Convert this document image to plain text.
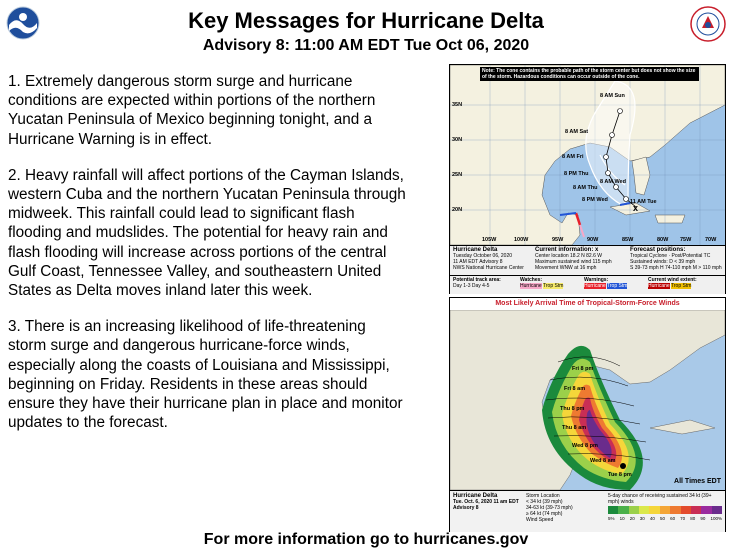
Key Messages for Hurricane Delta
Advisory 8: 11:00 AM EDT Tue Oct 06, 2020

1. Extremely dangerous storm surge and hurricane conditions are expected within portions of the northern Yucatan Peninsula of Mexico beginning tonight, and a Hurricane Warning is in effect.

2. Heavy rainfall will affect portions of the Cayman Islands, western Cuba and the northern Yucatan Peninsula through midweek. This rainfall could lead to significant flash flooding and mudslides. The potential for heavy rain and flash flooding will increase across portions of the central Gulf Coast, Tennessee Valley, and southeastern United States as Delta moves inland later this week.

3. There is an increasing likelihood of life-threatening storm surge and dangerous hurricane-force winds, especially along the coasts of Louisiana and Mississippi, beginning on Friday. Residents in these areas should ensure they have their hurricane plan in place and monitor updates to the forecast.

x
Note: The cone contains the probable path of the storm center but does not show the size of the storm. Hazardous conditions can occur outside of the cone.
35N
30N
25N
20N
105W	100W	95W	90W	85W	80W 75W 70W
8 AM Sun
8 AM Sat
8 AM Fri
8 PM Thu
8 AM Thu
8 PM Wed
8 AM Wed
11 AM Tue
Hurricane Delta
Tuesday October 06, 2020
11 AM EDT Advisory 8
NWS National Hurricane Center
Current information: x
Center location 18.2 N 82.6 W
Maximum sustained wind 115 mph
Movement WNW at 16 mph
Forecast positions:
Tropical Cyclone · Post/Potential TC
Sustained winds: D < 39 mph
S 39-73 mph H 74-110 mph M > 110 mph
Potential track area:
Day 1-3 Day 4-5
Watches:
Hurricane Trop Stm
Warnings:
Hurricane Trop Stm
Current wind extent:
Hurricane Trop Stm
Most Likely Arrival Time of Tropical-Storm-Force Winds
Fri 8 pm
Fri 8 am
Thu 8 pm
Thu 8 am
Wed 8 pm
Wed 8 am
Tue 8 pm
All Times EDT
Hurricane Delta
Tue. Oct. 6, 2020 11 am EDT
Advisory 8
Storm Location
< 34 kt (39 mph)
34-63 kt (39-73 mph)
≥ 64 kt (74 mph)
Wind Speed
5-day chance of receiving sustained 34 kt (39+ mph) winds
5% 10 20 30 40 50 60 70 80 90 100%
For more information go to hurricanes.gov
